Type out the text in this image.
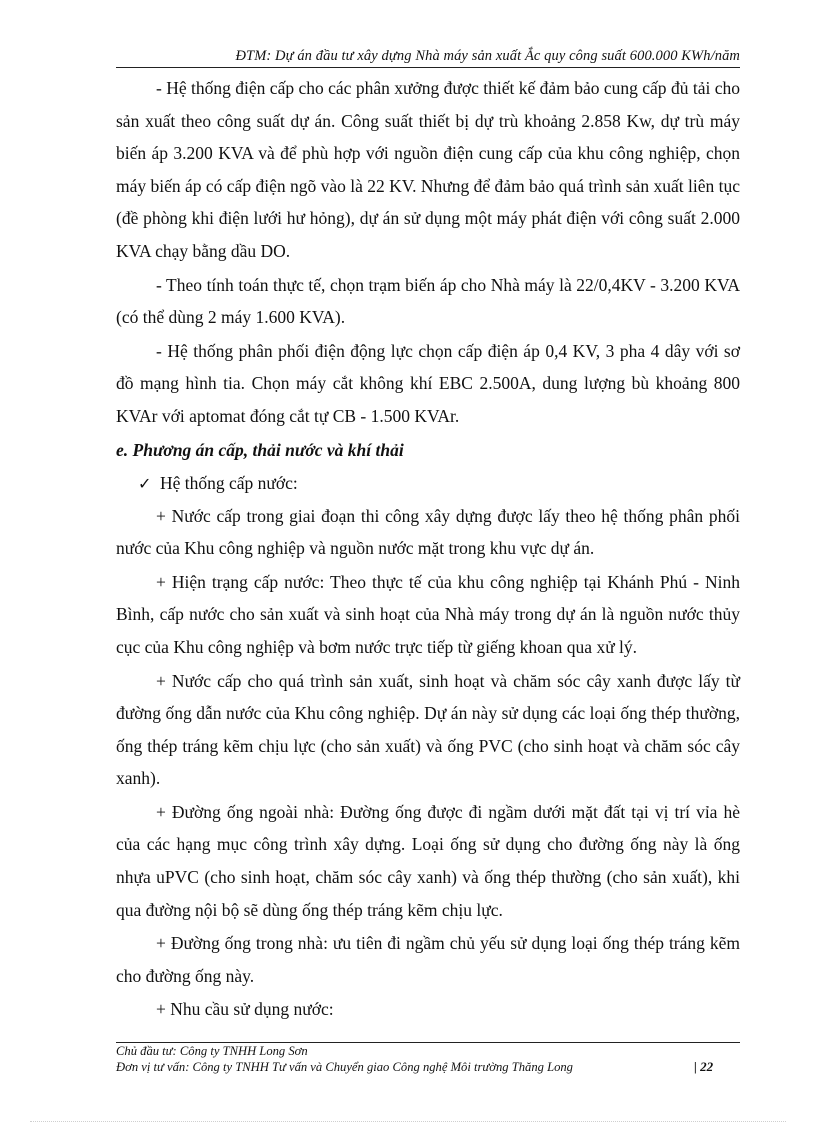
ĐTM: Dự án đầu tư xây dựng Nhà máy sản xuất Ắc quy công suất 600.000 KWh/năm

- Hệ thống điện cấp cho các phân xưởng được thiết kế đảm bảo cung cấp đủ tải cho sản xuất theo công suất dự án. Công suất thiết bị dự trù khoảng 2.858 Kw, dự trù máy biến áp 3.200 KVA và để phù hợp với nguồn điện cung cấp của khu công nghiệp, chọn máy biến áp có cấp điện ngõ vào là 22 KV. Nhưng để đảm bảo quá trình sản xuất liên tục (đề phòng khi điện lưới hư hỏng), dự án sử dụng một máy phát điện với công suất 2.000 KVA chạy bằng dầu DO.

- Theo tính toán thực tế, chọn trạm biến áp cho Nhà máy là 22/0,4KV - 3.200 KVA (có thể dùng 2 máy 1.600 KVA).

- Hệ thống phân phối điện động lực chọn cấp điện áp 0,4 KV, 3 pha 4 dây với sơ đồ mạng hình tia. Chọn máy cắt không khí EBC 2.500A, dung lượng bù khoảng 800 KVAr với aptomat đóng cắt tự CB - 1.500 KVAr.

e. Phương án cấp, thải nước và khí thải
✓ Hệ thống cấp nước:

+ Nước cấp trong giai đoạn thi công xây dựng được lấy theo hệ thống phân phối nước của Khu công nghiệp và nguồn nước mặt trong khu vực dự án.

+ Hiện trạng cấp nước: Theo thực tế của khu công nghiệp tại Khánh Phú - Ninh Bình, cấp nước cho sản xuất và sinh hoạt của Nhà máy trong dự án là nguồn nước thủy cục của Khu công nghiệp và bơm nước trực tiếp từ giếng khoan qua xử lý.

+ Nước cấp cho quá trình sản xuất, sinh hoạt và chăm sóc cây xanh được lấy từ đường ống dẫn nước của Khu công nghiệp. Dự án này sử dụng các loại ống thép thường, ống thép tráng kẽm chịu lực (cho sản xuất) và ống PVC (cho sinh hoạt và chăm sóc cây xanh).

+ Đường ống ngoài nhà: Đường ống được đi ngầm dưới mặt đất tại vị trí vỉa hè của các hạng mục công trình xây dựng. Loại ống sử dụng cho đường ống này là ống nhựa uPVC (cho sinh hoạt, chăm sóc cây xanh) và ống thép thường (cho sản xuất), khi qua đường nội bộ sẽ dùng ống thép tráng kẽm chịu lực.

+ Đường ống trong nhà: ưu tiên đi ngầm chủ yếu sử dụng loại ống thép tráng kẽm cho đường ống này.

+ Nhu cầu sử dụng nước:

Chủ đầu tư: Công ty TNHH Long Sơn
Đơn vị tư vấn: Công ty TNHH Tư vấn và Chuyển giao Công nghệ Môi trường Thăng Long	| 22
